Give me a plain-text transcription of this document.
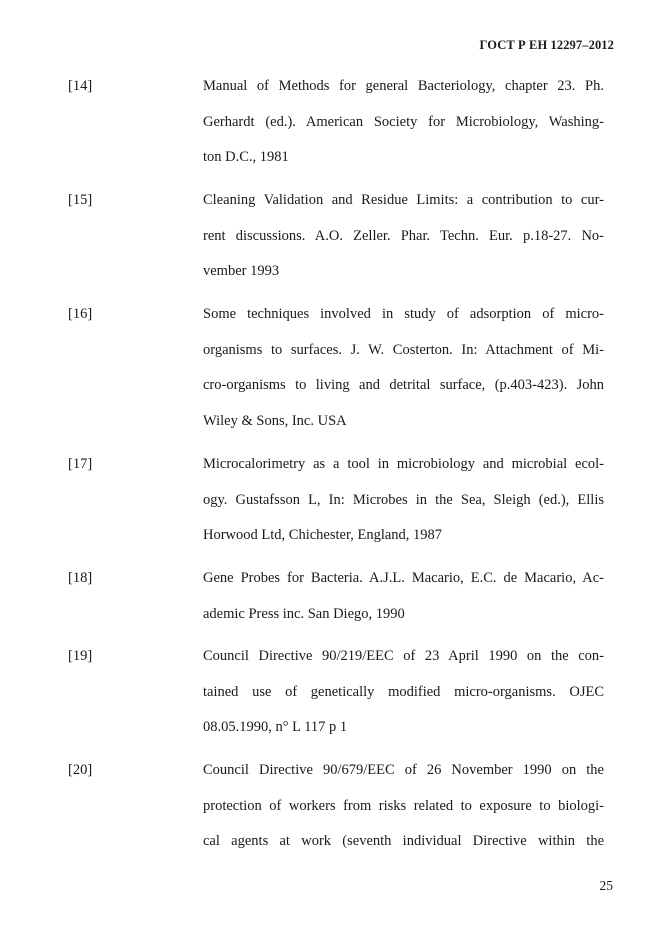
ГОСТ Р ЕН 12297–2012
[14]	Manual of Methods for general Bacteriology, chapter 23. Ph.
Gerhardt (ed.). American Society for Microbiology, Washing-
ton D.C., 1981
[15]	Cleaning Validation and Residue Limits: a contribution to cur-
rent discussions. A.O. Zeller. Phar. Techn. Eur. p.18-27. No-
vember 1993
[16]	Some techniques involved in study of adsorption of micro-
organisms to surfaces. J. W. Costerton. In: Attachment of Mi-
cro-organisms to living and detrital surface, (p.403-423). John
Wiley & Sons, Inc. USA
[17]	Microcalorimetry as a tool in microbiology and microbial ecol-
ogy. Gustafsson L, In: Microbes in the Sea, Sleigh (ed.), Ellis
Horwood Ltd, Chichester, England, 1987
[18]	Gene Probes for Bacteria. A.J.L. Macario, E.C. de Macario, Ac-
ademic Press inc. San Diego, 1990
[19]	Council Directive 90/219/EEC of 23 April 1990 on the con-
tained use of genetically modified micro-organisms. OJEC
08.05.1990, n° L 117 p 1
[20]	Council Directive 90/679/EEC of 26 November 1990 on the
protection of workers from risks related to exposure to biologi-
cal agents at work (seventh individual Directive within the
25
